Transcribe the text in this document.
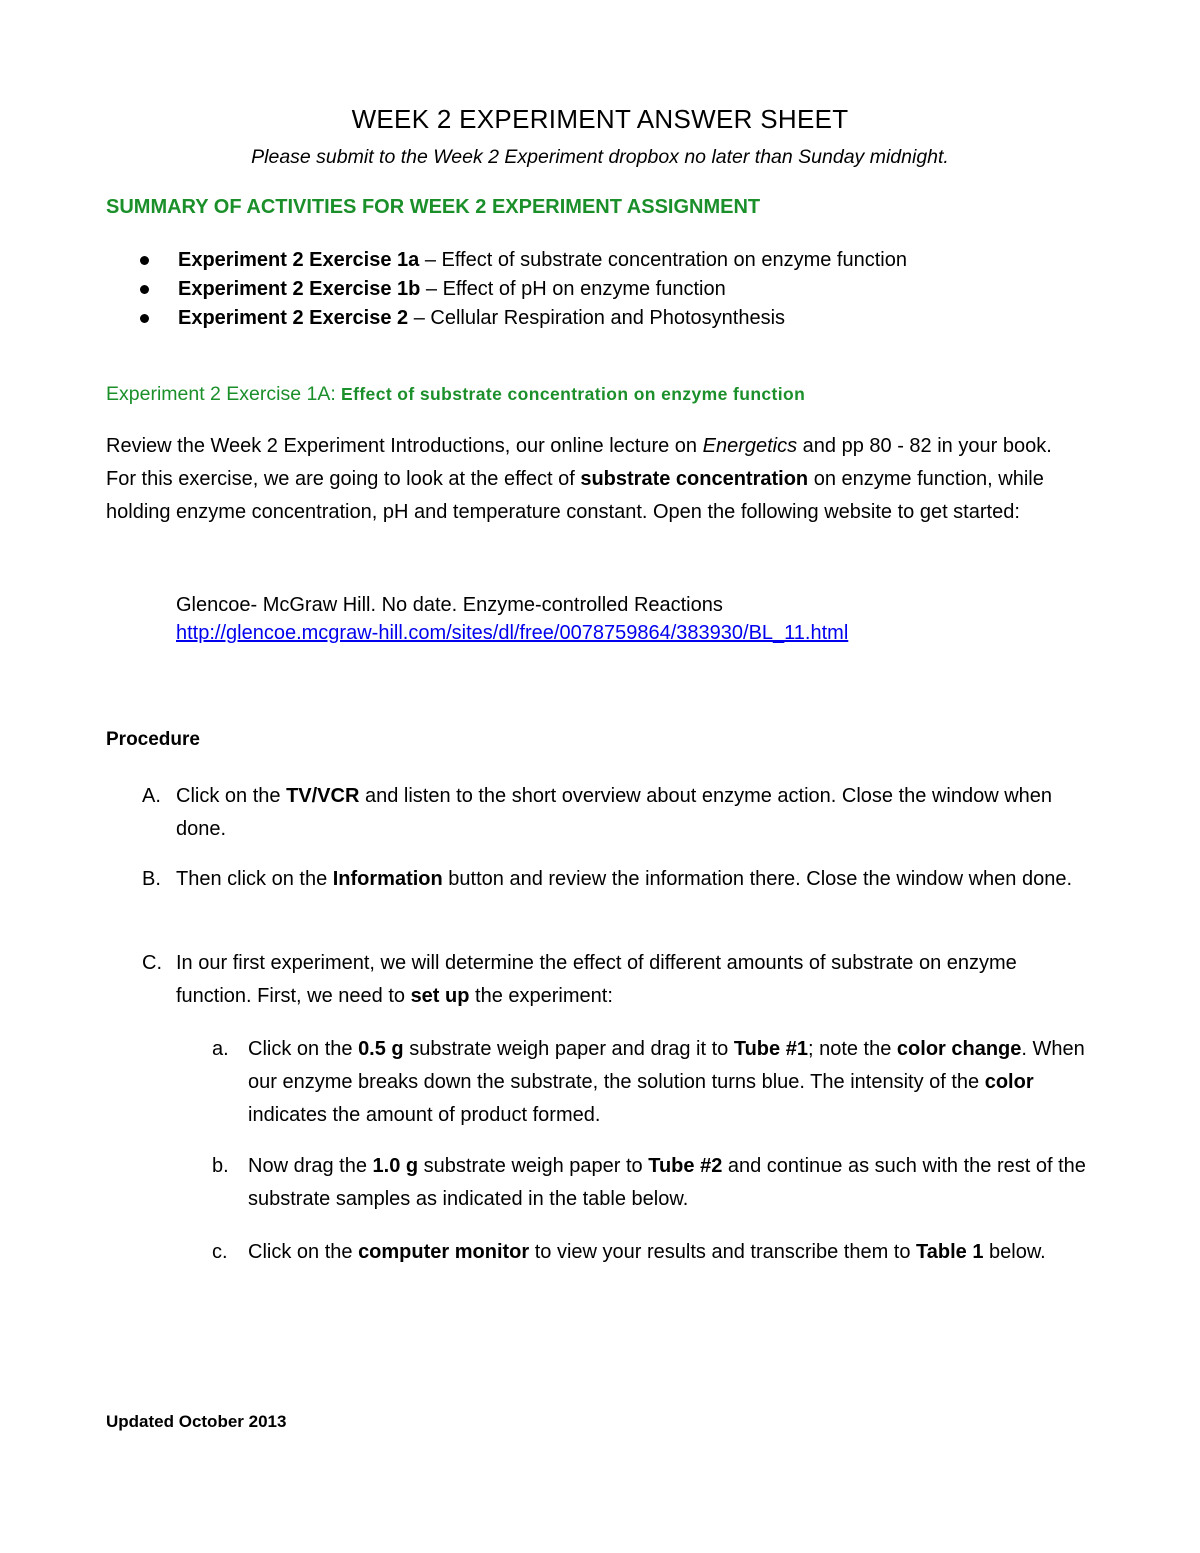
WEEK 2 EXPERIMENT ANSWER SHEET
Please submit to the Week 2 Experiment dropbox no later than Sunday midnight.
SUMMARY OF ACTIVITIES FOR WEEK 2 EXPERIMENT ASSIGNMENT
Experiment 2 Exercise 1a – Effect of substrate concentration on enzyme function
Experiment 2 Exercise 1b – Effect of pH on enzyme function
Experiment 2 Exercise 2 – Cellular Respiration and Photosynthesis
Experiment 2 Exercise 1A: Effect of substrate concentration on enzyme function

Review the Week 2 Experiment Introductions, our online lecture on Energetics and pp 80 - 82 in your book. For this exercise, we are going to look at the effect of substrate concentration on enzyme function, while holding enzyme concentration, pH and temperature constant. Open the following website to get started:

Glencoe- McGraw Hill. No date. Enzyme-controlled Reactions
http://glencoe.mcgraw-hill.com/sites/dl/free/0078759864/383930/BL_11.html
Procedure
A. Click on the TV/VCR and listen to the short overview about enzyme action. Close the window when done.
B. Then click on the Information button and review the information there. Close the window when done.
C. In our first experiment, we will determine the effect of different amounts of substrate on enzyme function. First, we need to set up the experiment:
a. Click on the 0.5 g substrate weigh paper and drag it to Tube #1; note the color change. When our enzyme breaks down the substrate, the solution turns blue. The intensity of the color indicates the amount of product formed.
b. Now drag the 1.0 g substrate weigh paper to Tube #2 and continue as such with the rest of the substrate samples as indicated in the table below.
c. Click on the computer monitor to view your results and transcribe them to Table 1 below.
Updated October 2013
